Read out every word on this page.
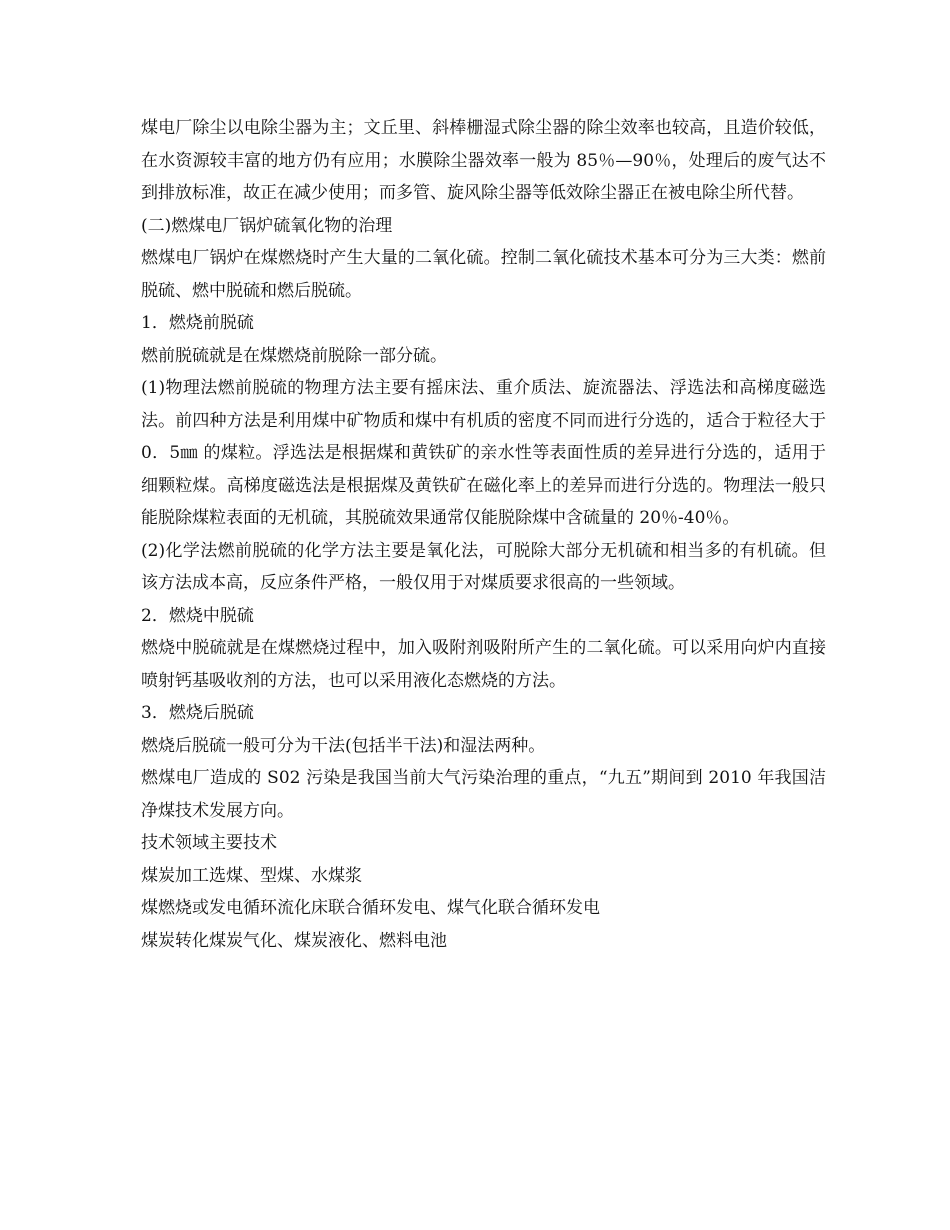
煤电厂除尘以电除尘器为主；文丘里、斜棒栅湿式除尘器的除尘效率也较高，且造价较低，在水资源较丰富的地方仍有应用；水膜除尘器效率一般为 85％—90％，处理后的废气达不到排放标准，故正在减少使用；而多管、旋风除尘器等低效除尘器正在被电除尘所代替。

(二)燃煤电厂锅炉硫氧化物的治理

燃煤电厂锅炉在煤燃烧时产生大量的二氧化硫。控制二氧化硫技术基本可分为三大类：燃前脱硫、燃中脱硫和燃后脱硫。

1．燃烧前脱硫

燃前脱硫就是在煤燃烧前脱除一部分硫。

(1)物理法燃前脱硫的物理方法主要有摇床法、重介质法、旋流器法、浮选法和高梯度磁选法。前四种方法是利用煤中矿物质和煤中有机质的密度不同而进行分选的，适合于粒径大于 0．5㎜ 的煤粒。浮选法是根据煤和黄铁矿的亲水性等表面性质的差异进行分选的，适用于细颗粒煤。高梯度磁选法是根据煤及黄铁矿在磁化率上的差异而进行分选的。物理法一般只能脱除煤粒表面的无机硫，其脱硫效果通常仅能脱除煤中含硫量的 20％-40％。

(2)化学法燃前脱硫的化学方法主要是氧化法，可脱除大部分无机硫和相当多的有机硫。但该方法成本高，反应条件严格，一般仅用于对煤质要求很高的一些领域。

2．燃烧中脱硫

燃烧中脱硫就是在煤燃烧过程中，加入吸附剂吸附所产生的二氧化硫。可以采用向炉内直接喷射钙基吸收剂的方法，也可以采用液化态燃烧的方法。

3．燃烧后脱硫

燃烧后脱硫一般可分为干法(包括半干法)和湿法两种。

燃煤电厂造成的 S02 污染是我国当前大气污染治理的重点，“九五”期间到 2010 年我国洁净煤技术发展方向。

技术领域主要技术

煤炭加工选煤、型煤、水煤浆

煤燃烧或发电循环流化床联合循环发电、煤气化联合循环发电

煤炭转化煤炭气化、煤炭液化、燃料电池
